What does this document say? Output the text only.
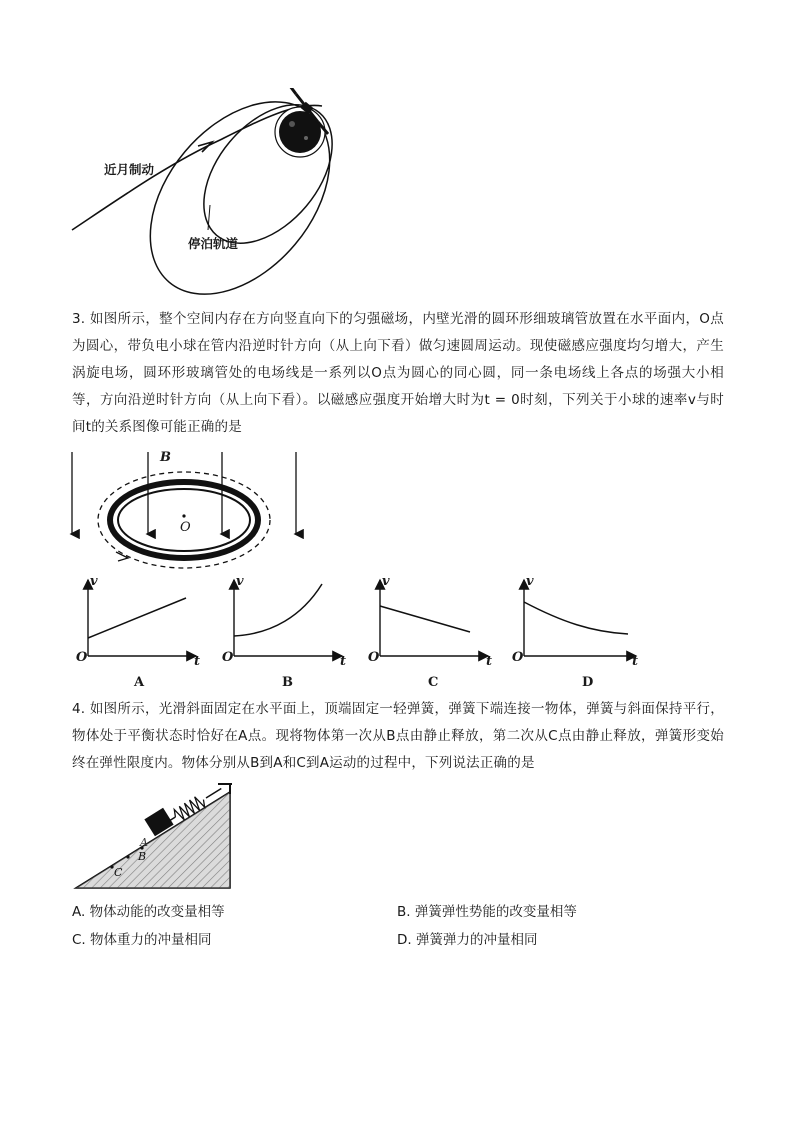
近月制动
停泊轨道
3. 如图所示，整个空间内存在方向竖直向下的匀强磁场，内壁光滑的圆环形细玻璃管放置在水平面内，O点为圆心，带负电小球在管内沿逆时针方向（从上向下看）做匀速圆周运动。现使磁感应强度均匀增大，产生涡旋电场，圆环形玻璃管处的电场线是一系列以O点为圆心的同心圆，同一条电场线上各点的场强大小相等，方向沿逆时针方向（从上向下看）。以磁感应强度开始增大时为t = 0时刻，下列关于小球的速率v与时间t的关系图像可能正确的是
B
O
v
t
O
A
v
t
O
B
v
t
O
C
v
t
O
D
4. 如图所示，光滑斜面固定在水平面上，顶端固定一轻弹簧，弹簧下端连接一物体，弹簧与斜面保持平行，物体处于平衡状态时恰好在A点。现将物体第一次从B点由静止释放，第二次从C点由静止释放，弹簧形变始终在弹性限度内。物体分别从B到A和C到A运动的过程中，下列说法正确的是
A
B
C
A. 物体动能的改变量相等	B. 弹簧弹性势能的改变量相等
C. 物体重力的冲量相同	D. 弹簧弹力的冲量相同
